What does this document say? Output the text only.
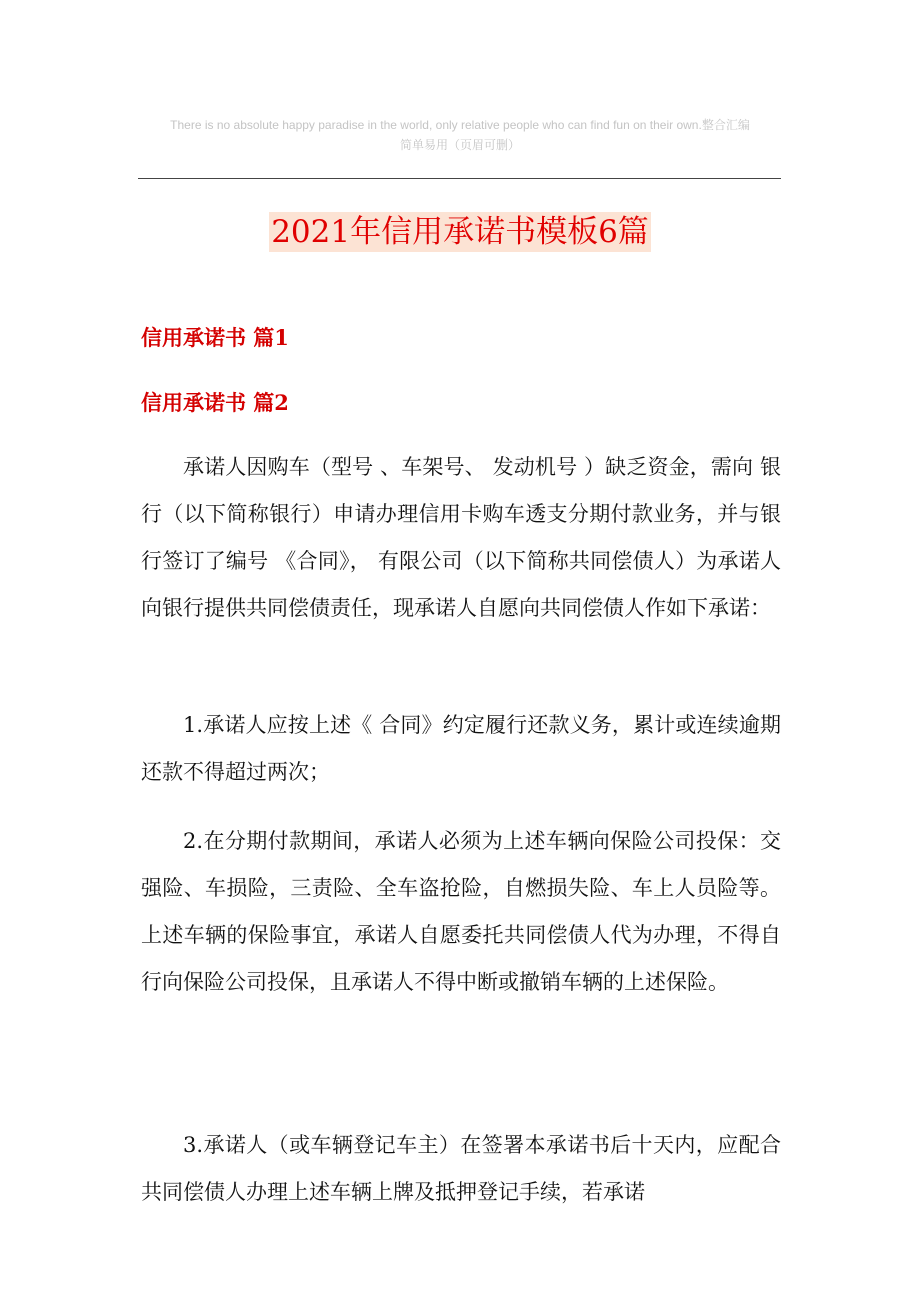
There is no absolute happy paradise in the world, only relative people who can find fun on their own.整合汇编
简单易用（页眉可删）
2021年信用承诺书模板6篇
信用承诺书 篇1
信用承诺书 篇2
承诺人因购车（型号 、车架号、 发动机号 ）缺乏资金，需向 银行（以下简称银行）申请办理信用卡购车透支分期付款业务，并与银行签订了编号 《合同》， 有限公司（以下简称共同偿债人）为承诺人向银行提供共同偿债责任，现承诺人自愿向共同偿债人作如下承诺：
1.承诺人应按上述《 合同》约定履行还款义务，累计或连续逾期还款不得超过两次；
2.在分期付款期间，承诺人必须为上述车辆向保险公司投保：交强险、车损险，三责险、全车盗抢险，自燃损失险、车上人员险等。上述车辆的保险事宜，承诺人自愿委托共同偿债人代为办理，不得自行向保险公司投保，且承诺人不得中断或撤销车辆的上述保险。
3.承诺人（或车辆登记车主）在签署本承诺书后十天内，应配合共同偿债人办理上述车辆上牌及抵押登记手续，若承诺
